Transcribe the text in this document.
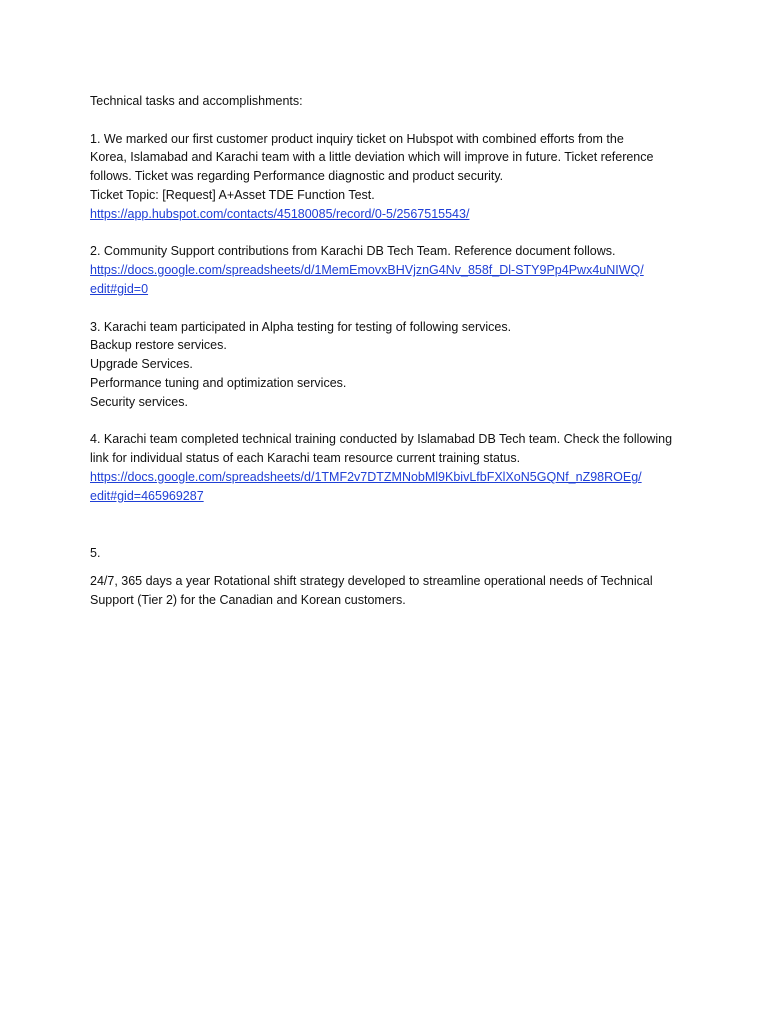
Technical tasks and accomplishments:
1. We marked our first customer product inquiry ticket on Hubspot with combined efforts from the
Korea, Islamabad and Karachi team with a little deviation which will improve in future. Ticket reference
follows. Ticket was regarding Performance diagnostic and product security.
Ticket Topic: [Request] A+Asset TDE Function Test.
https://app.hubspot.com/contacts/45180085/record/0-5/2567515543/
2. Community Support contributions from Karachi DB Tech Team. Reference document follows.
https://docs.google.com/spreadsheets/d/1MemEmovxBHVjznG4Nv_858f_Dl-STY9Pp4Pwx4uNIWQ/
edit#gid=0
3. Karachi team participated in Alpha testing for testing of following services.
Backup restore services.
Upgrade Services.
Performance tuning and optimization services.
Security services.
4. Karachi team completed technical training conducted by Islamabad DB Tech team. Check the following
link for individual status of each Karachi team resource current training status.
https://docs.google.com/spreadsheets/d/1TMF2v7DTZMNobMl9KbivLfbFXlXoN5GQNf_nZ98ROEg/
edit#gid=465969287
5.
24/7, 365 days a year Rotational shift strategy developed to streamline operational needs of Technical
Support (Tier 2) for the Canadian and Korean customers.
